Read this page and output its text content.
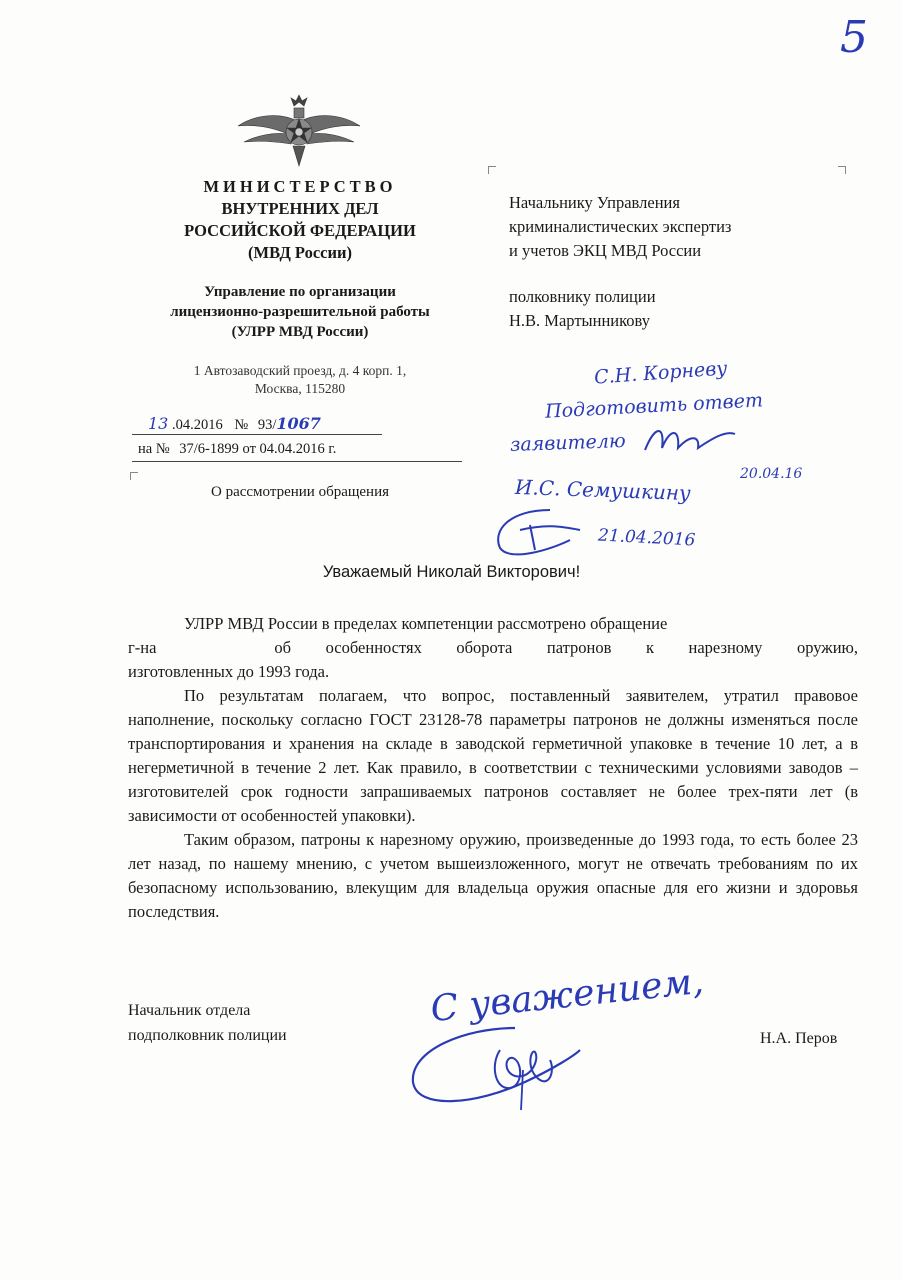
5
МИНИСТЕРСТВО
ВНУТРЕННИХ ДЕЛ
РОССИЙСКОЙ ФЕДЕРАЦИИ
(МВД России)
Управление по организации
лицензионно-разрешительной работы
(УЛРР МВД России)
1 Автозаводский проезд, д. 4 корп. 1,
Москва, 115280
13 .04.2016 № 93/1067
на № 37/6-1899 от 04.04.2016 г.
О рассмотрении обращения
Начальнику Управления
криминалистических экспертиз
и учетов ЭКЦ МВД России
полковнику полиции
Н.В. Мартынникову
С.Н. Корневу
Подготовить ответ
заявителю
20.04.16
И.С. Семушкину
21.04.2016
Уважаемый Николай Викторович!

УЛРР МВД России в пределах компетенции рассмотрено обращение

г-на	об особенностях оборота патронов к нарезному оружию,
изготовленных до 1993 года.

По результатам полагаем, что вопрос, поставленный заявителем, утратил правовое наполнение, поскольку согласно ГОСТ 23128-78 параметры патронов не должны изменяться после транспортирования и хранения на складе в заводской герметичной упаковке в течение 10 лет, а в негерметичной в течение 2 лет. Как правило, в соответствии с техническими условиями заводов – изготовителей срок годности запрашиваемых патронов составляет не более трех-пяти лет (в зависимости от особенностей упаковки).

Таким образом, патроны к нарезному оружию, произведенные до 1993 года, то есть более 23 лет назад, по нашему мнению, с учетом вышеизложенного, могут не отвечать требованиям по их безопасному использованию, влекущим для владельца оружия опасные для его жизни и здоровья последствия.

Начальник отдела
подполковник полиции
С уважением,
Н.А. Перов
